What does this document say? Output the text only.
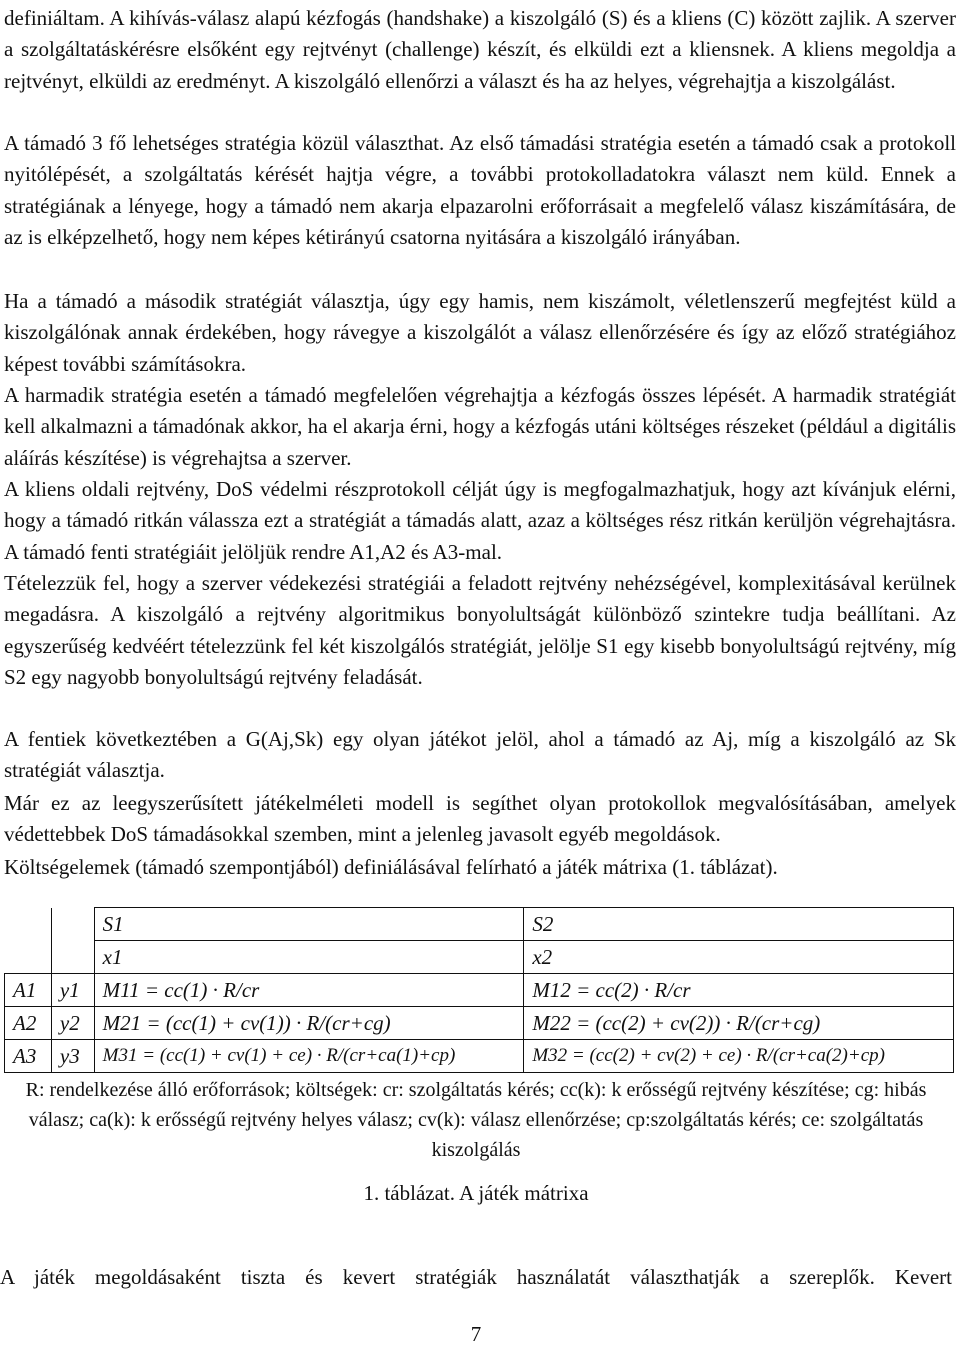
definiáltam. A kihívás-válasz alapú kézfogás (handshake) a kiszolgáló (S) és a kliens (C) között zajlik. A szerver a szolgáltatáskérésre elsőként egy rejtvényt (challenge) készít, és elküldi ezt a kliensnek. A kliens megoldja a rejtvényt, elküldi az eredményt. A kiszolgáló ellenőrzi a választ és ha az helyes, végrehajtja a kiszolgálást.

A támadó 3 fő lehetséges stratégia közül választhat. Az első támadási stratégia esetén a támadó csak a protokoll nyitólépését, a szolgáltatás kérését hajtja végre, a további protokolladatokra választ nem küld. Ennek a stratégiának a lényege, hogy a támadó nem akarja elpazarolni erőforrásait a megfelelő válasz kiszámítására, de az is elképzelhető, hogy nem képes kétirányú csatorna nyitására a kiszolgáló irányában.

Ha a támadó a második stratégiát választja, úgy egy hamis, nem kiszámolt, véletlenszerű megfejtést küld a kiszolgálónak annak érdekében, hogy rávegye a kiszolgálót a válasz ellenőrzésére és így az előző stratégiához képest további számításokra.

A harmadik stratégia esetén a támadó megfelelően végrehajtja a kézfogás összes lépését. A harmadik stratégiát kell alkalmazni a támadónak akkor, ha el akarja érni, hogy a kézfogás utáni költséges részeket (például a digitális aláírás készítése) is végrehajtsa a szerver.

A kliens oldali rejtvény, DoS védelmi részprotokoll célját úgy is megfogalmazhatjuk, hogy azt kívánjuk elérni, hogy a támadó ritkán válassza ezt a stratégiát a támadás alatt, azaz a költséges rész ritkán kerüljön végrehajtásra. A támadó fenti stratégiáit jelöljük rendre A1,A2 és A3-mal.

Tételezzük fel, hogy a szerver védekezési stratégiái a feladott rejtvény nehézségével, komplexitásával kerülnek megadásra. A kiszolgáló a rejtvény algoritmikus bonyolultságát különböző szintekre tudja beállítani. Az egyszerűség kedvéért tételezzünk fel két kiszolgálós stratégiát, jelölje S1 egy kisebb bonyolultságú rejtvény, míg S2 egy nagyobb bonyolultságú rejtvény feladását.

A fentiek következtében a G(Aj,Sk) egy olyan játékot jelöl, ahol a támadó az Aj, míg a kiszolgáló az Sk stratégiát választja.

Már ez az leegyszerűsített játékelméleti modell is segíthet olyan protokollok megvalósításában, amelyek védettebbek DoS támadásokkal szemben, mint a jelenleg javasolt egyéb megoldások.

Költségelemek (támadó szempontjából) definiálásával felírható a játék mátrixa (1. táblázat).

		S1	S2
		x1	x2
A1	y1	M11 = cc(1) · R/cr	M12 = cc(2) · R/cr
A2	y2	M21 = (cc(1) + cv(1)) · R/(cr+cg)	M22 = (cc(2) + cv(2)) · R/(cr+cg)
A3	y3	M31 = (cc(1) + cv(1) + ce) · R/(cr+ca(1)+cp)	M32 = (cc(2) + cv(2) + ce) · R/(cr+ca(2)+cp)

R: rendelkezése álló erőforrások; költségek: cr: szolgáltatás kérés; cc(k): k erősségű rejtvény készítése; cg: hibás válasz; ca(k): k erősségű rejtvény helyes válasz; cv(k): válasz ellenőrzése; cp:szolgáltatás kérés; ce: szolgáltatás kiszolgálás

1. táblázat. A játék mátrixa

A játék megoldásaként tiszta és kevert stratégiák használatát választhatják a szereplők. Kevert

7
